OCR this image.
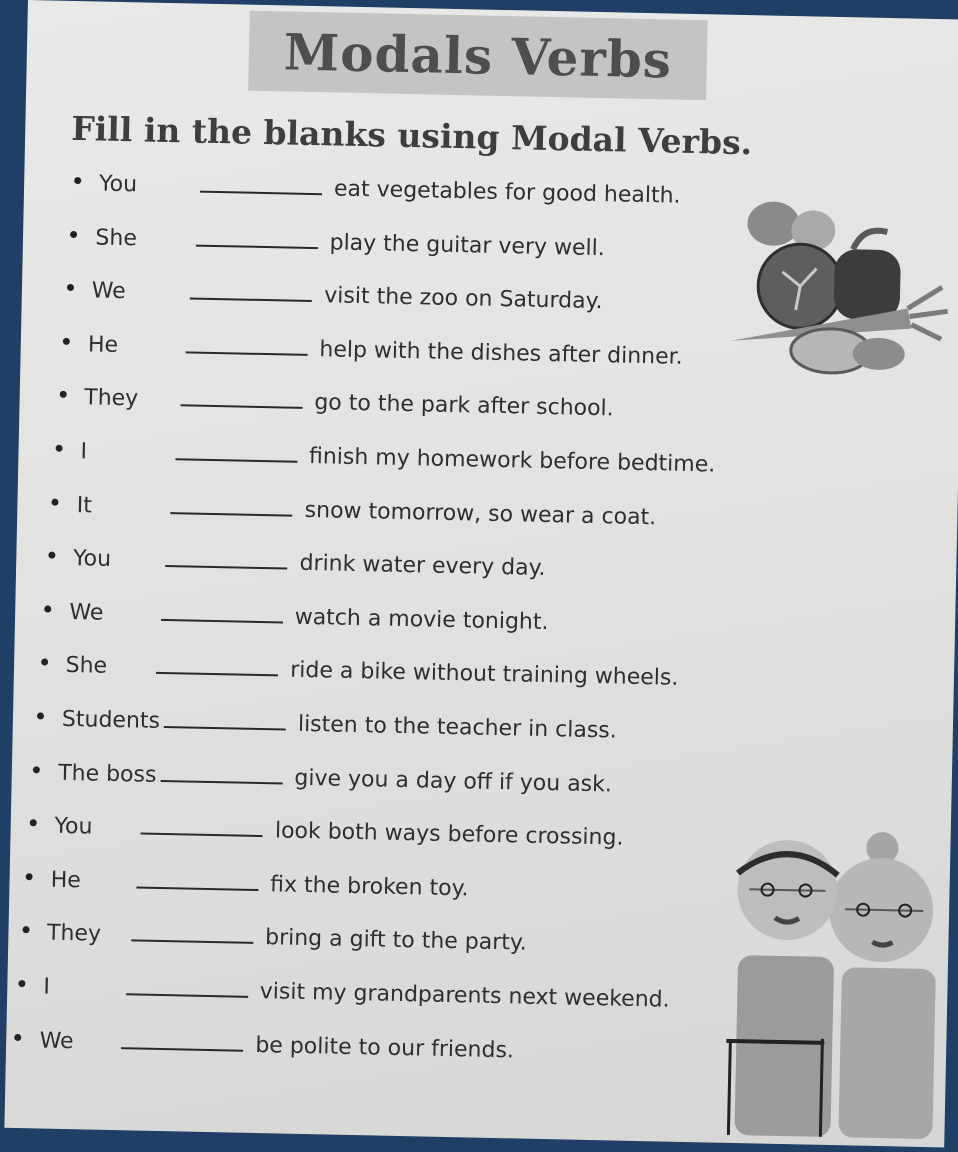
Modals Verbs
Fill in the blanks using Modal Verbs.
You	eat vegetables for good health.
She	play the guitar very well.
We	visit the zoo on Saturday.
He	help with the dishes after dinner.
They	go to the park after school.
I	finish my homework before bedtime.
It	snow tomorrow, so wear a coat.
You	drink water every day.
We	watch a movie tonight.
She	ride a bike without training wheels.
Students	listen to the teacher in class.
The boss	give you a day off if you ask.
You	look both ways before crossing.
He	fix the broken toy.
They	bring a gift to the party.
I	visit my grandparents next weekend.
We	be polite to our friends.
